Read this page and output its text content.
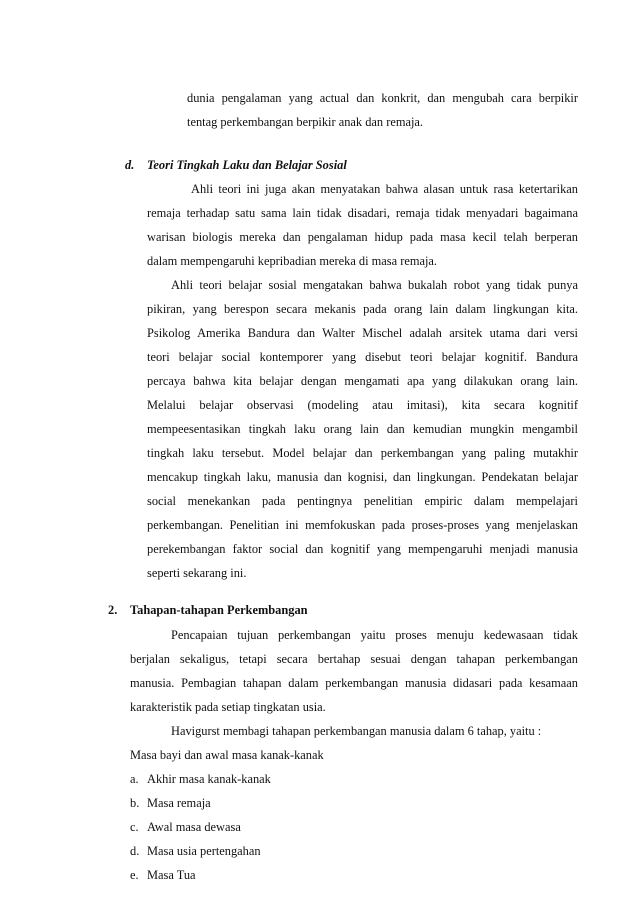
dunia pengalaman yang actual dan konkrit, dan mengubah cara berpikir
tentag perkembangan berpikir anak dan remaja.
d. Teori Tingkah Laku dan Belajar Sosial
Ahli teori ini juga akan menyatakan bahwa alasan untuk rasa ketertarikan
remaja terhadap satu sama lain tidak disadari, remaja tidak menyadari bagaimana
warisan biologis mereka dan pengalaman hidup pada masa kecil telah berperan
dalam mempengaruhi kepribadian mereka di masa remaja.
Ahli teori belajar sosial mengatakan bahwa bukalah robot yang tidak punya
pikiran, yang berespon secara mekanis pada orang lain dalam lingkungan kita.
Psikolog Amerika Bandura dan Walter Mischel adalah arsitek utama dari versi
teori belajar social kontemporer yang disebut teori belajar kognitif. Bandura
percaya bahwa kita belajar dengan mengamati apa yang dilakukan orang lain.
Melalui belajar observasi (modeling atau imitasi), kita secara kognitif
mempeesentasikan tingkah laku orang lain dan kemudian mungkin mengambil
tingkah laku tersebut. Model belajar dan perkembangan yang paling mutakhir
mencakup tingkah laku, manusia dan kognisi, dan lingkungan. Pendekatan belajar
social menekankan pada pentingnya penelitian empiric dalam mempelajari
perkembangan. Penelitian ini memfokuskan pada proses-proses yang menjelaskan
perekembangan faktor social dan kognitif yang mempengaruhi menjadi manusia
seperti sekarang ini.
2. Tahapan-tahapan Perkembangan
Pencapaian tujuan perkembangan yaitu proses menuju kedewasaan tidak
berjalan sekaligus, tetapi secara bertahap sesuai dengan tahapan perkembangan
manusia. Pembagian tahapan dalam perkembangan manusia didasari pada kesamaan
karakteristik pada setiap tingkatan usia.
Havigurst membagi tahapan perkembangan manusia dalam 6 tahap, yaitu :
Masa bayi dan awal masa kanak-kanak
a. Akhir masa kanak-kanak
b. Masa remaja
c. Awal masa dewasa
d. Masa usia pertengahan
e. Masa Tua
